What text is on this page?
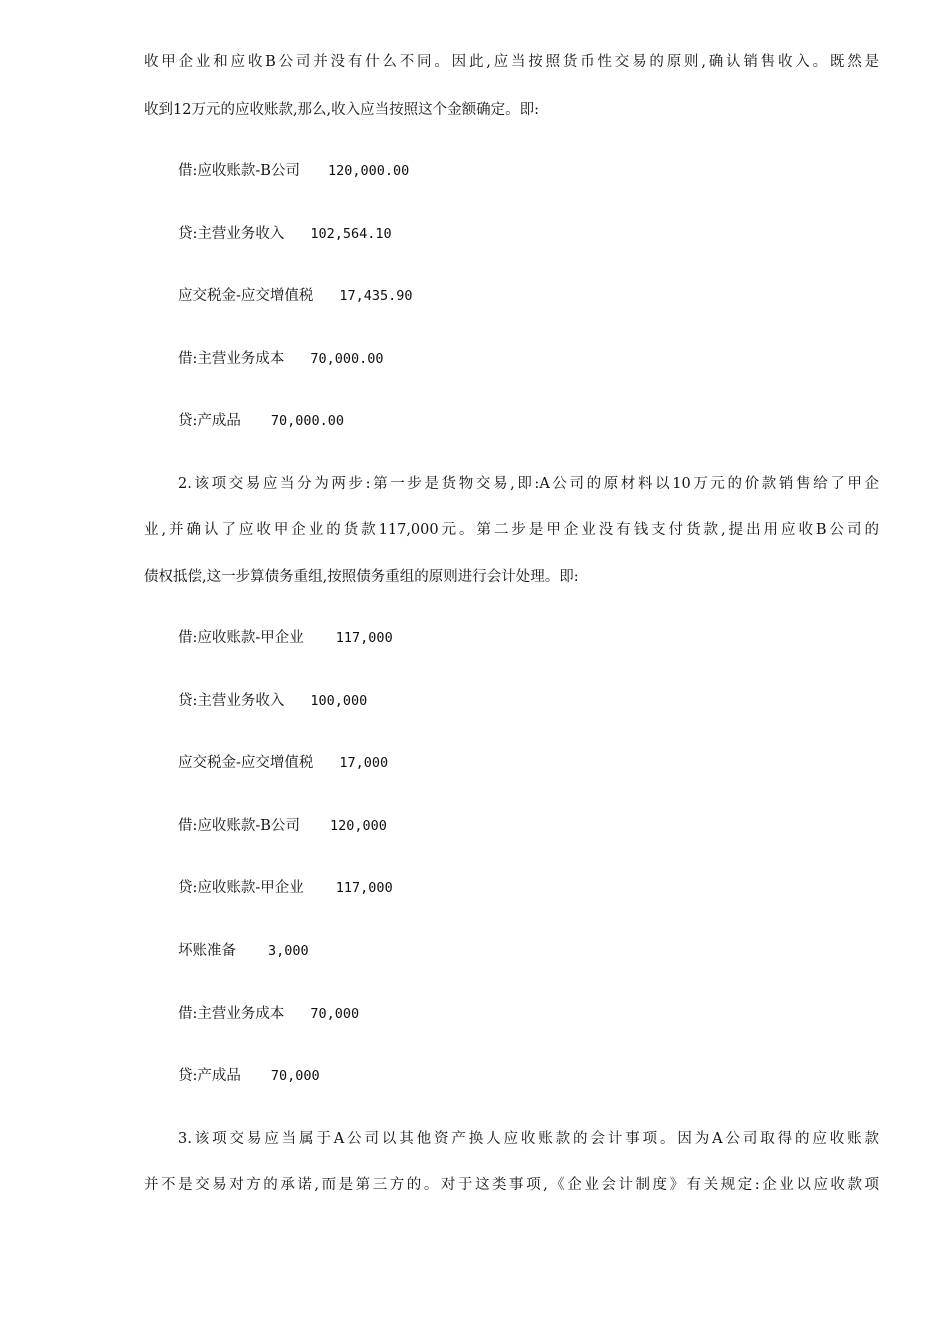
收甲企业和应收B公司并没有什么不同。因此,应当按照货币性交易的原则,确认销售收入。既然是
收到12万元的应收账款,那么,收入应当按照这个金额确定。即:
借:应收账款-B公司 120,000.00
贷:主营业务收入 102,564.10
应交税金-应交增值税 17,435.90
借:主营业务成本 70,000.00
贷:产成品 70,000.00
2.该项交易应当分为两步:第一步是货物交易,即:A公司的原材料以10万元的价款销售给了甲企
业,并确认了应收甲企业的货款117,000元。第二步是甲企业没有钱支付货款,提出用应收B公司的
债权抵偿,这一步算债务重组,按照债务重组的原则进行会计处理。即:
借:应收账款-甲企业 117,000
贷:主营业务收入 100,000
应交税金-应交增值税 17,000
借:应收账款-B公司 120,000
贷:应收账款-甲企业 117,000
坏账准备 3,000
借:主营业务成本 70,000
贷:产成品 70,000
3.该项交易应当属于A公司以其他资产换人应收账款的会计事项。因为A公司取得的应收账款
并不是交易对方的承诺,而是第三方的。对于这类事项,《企业会计制度》有关规定:企业以应收款项
